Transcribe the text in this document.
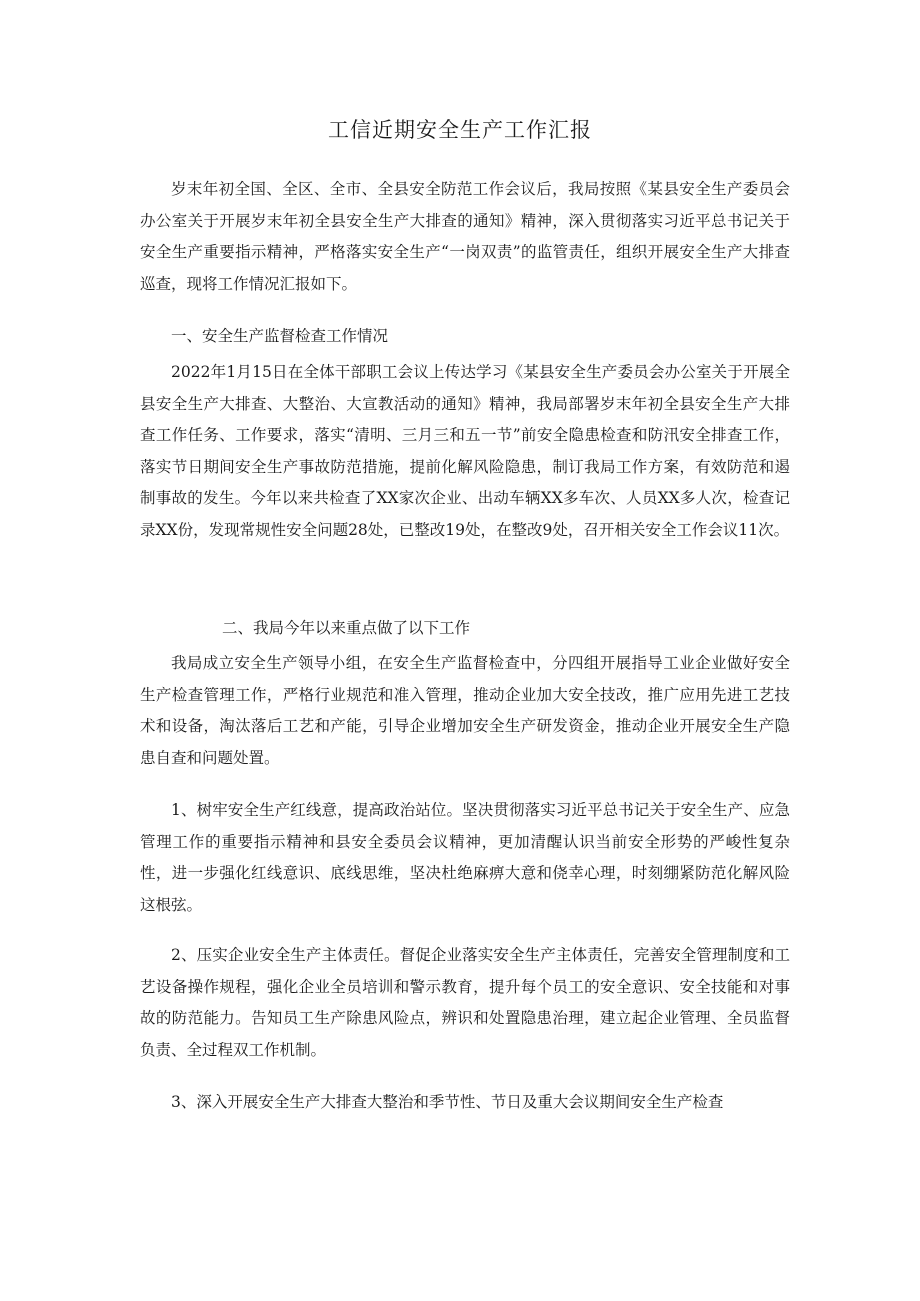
工信近期安全生产工作汇报

岁末年初全国、全区、全市、全县安全防范工作会议后，我局按照《某县安全生产委员会办公室关于开展岁末年初全县安全生产大排查的通知》精神，深入贯彻落实习近平总书记关于安全生产重要指示精神，严格落实安全生产“一岗双责”的监管责任，组织开展安全生产大排查巡查，现将工作情况汇报如下。

一、安全生产监督检查工作情况

2022年1月15日在全体干部职工会议上传达学习《某县安全生产委员会办公室关于开展全县安全生产大排查、大整治、大宣教活动的通知》精神，我局部署岁末年初全县安全生产大排查工作任务、工作要求，落实“清明、三月三和五一节”前安全隐患检查和防汛安全排查工作，落实节日期间安全生产事故防范措施，提前化解风险隐患，制订我局工作方案，有效防范和遏制事故的发生。今年以来共检查了XX家次企业、出动车辆XX多车次、人员XX多人次，检查记录XX份，发现常规性安全问题28处，已整改19处，在整改9处，召开相关安全工作会议11次。

二、我局今年以来重点做了以下工作

我局成立安全生产领导小组，在安全生产监督检查中，分四组开展指导工业企业做好安全生产检查管理工作，严格行业规范和准入管理，推动企业加大安全技改，推广应用先进工艺技术和设备，淘汰落后工艺和产能，引导企业增加安全生产研发资金，推动企业开展安全生产隐患自查和问题处置。

1、树牢安全生产红线意，提高政治站位。坚决贯彻落实习近平总书记关于安全生产、应急管理工作的重要指示精神和县安全委员会议精神，更加清醒认识当前安全形势的严峻性复杂性，进一步强化红线意识、底线思维，坚决杜绝麻痹大意和侥幸心理，时刻绷紧防范化解风险这根弦。

2、压实企业安全生产主体责任。督促企业落实安全生产主体责任，完善安全管理制度和工艺设备操作规程，强化企业全员培训和警示教育，提升每个员工的安全意识、安全技能和对事故的防范能力。告知员工生产除患风险点，辨识和处置隐患治理，建立起企业管理、全员监督负责、全过程双工作机制。

3、深入开展安全生产大排查大整治和季节性、节日及重大会议期间安全生产检查
